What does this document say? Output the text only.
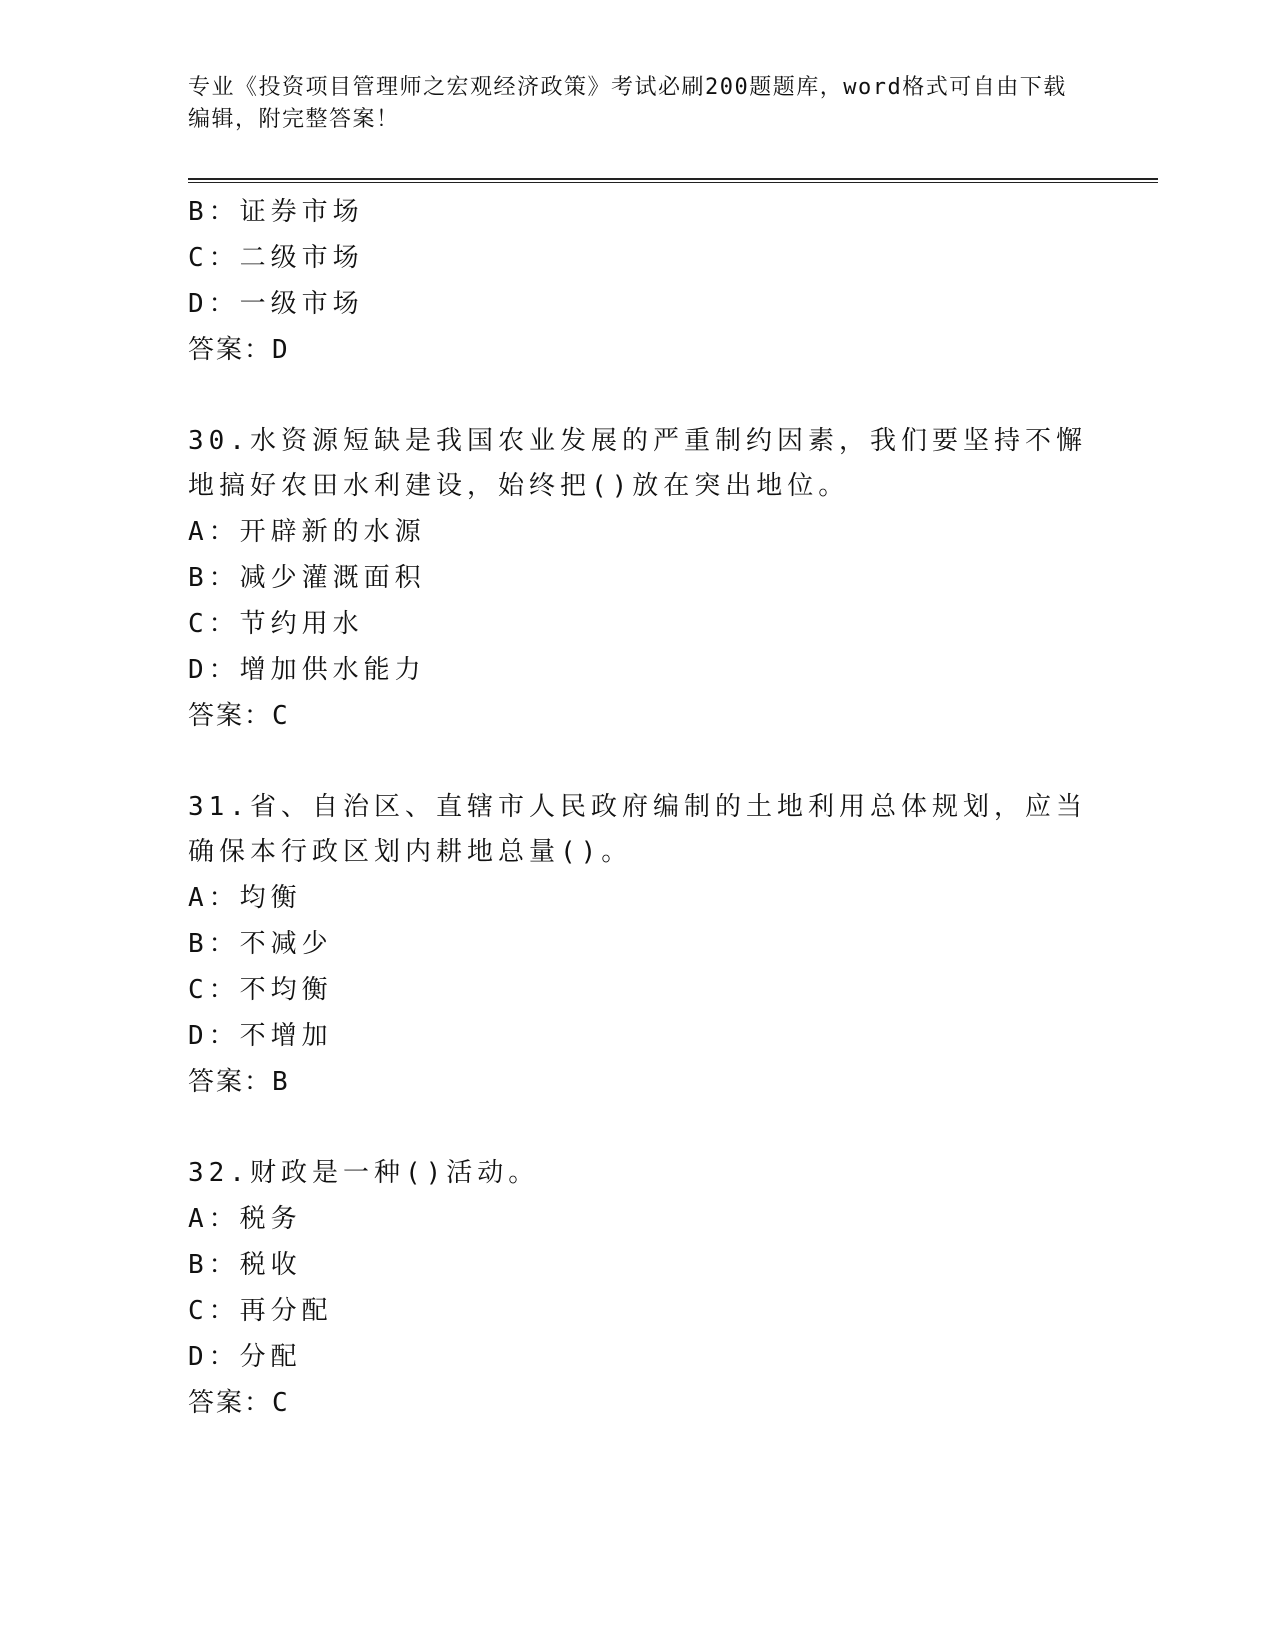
专业《投资项目管理师之宏观经济政策》考试必刷200题题库，word格式可自由下载编辑，附完整答案！
B：证券市场
C：二级市场
D：一级市场
答案：D
30.水资源短缺是我国农业发展的严重制约因素，我们要坚持不懈地搞好农田水利建设，始终把()放在突出地位。
A：开辟新的水源
B：减少灌溉面积
C：节约用水
D：增加供水能力
答案：C
31.省、自治区、直辖市人民政府编制的土地利用总体规划，应当确保本行政区划内耕地总量()。
A：均衡
B：不减少
C：不均衡
D：不增加
答案：B
32.财政是一种()活动。
A：税务
B：税收
C：再分配
D：分配
答案：C
